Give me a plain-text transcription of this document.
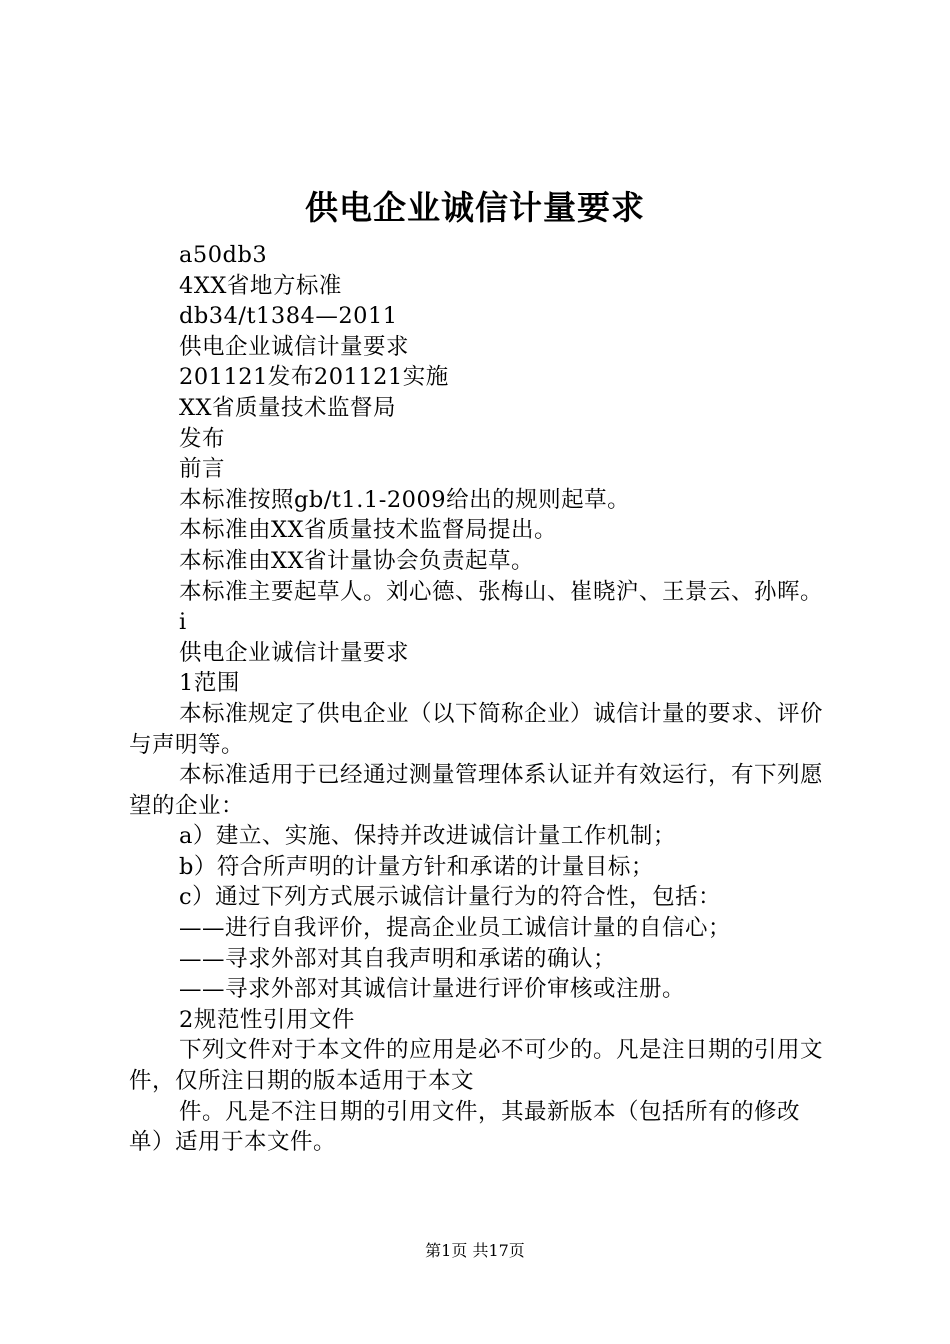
供电企业诚信计量要求

a50db3

4XX省地方标准

db34/t1384—2011

供电企业诚信计量要求

201121发布201121实施

XX省质量技术监督局

发布

前言

本标准按照gb/t1.1-2009给出的规则起草。

本标准由XX省质量技术监督局提出。

本标准由XX省计量协会负责起草。

本标准主要起草人。刘心德、张梅山、崔晓沪、王景云、孙晖。

i

供电企业诚信计量要求

1范围

本标准规定了供电企业（以下简称企业）诚信计量的要求、评价与声明等。

本标准适用于已经通过测量管理体系认证并有效运行，有下列愿望的企业：

a）建立、实施、保持并改进诚信计量工作机制；

b）符合所声明的计量方针和承诺的计量目标；

c）通过下列方式展示诚信计量行为的符合性，包括：

——进行自我评价，提高企业员工诚信计量的自信心；

——寻求外部对其自我声明和承诺的确认；

——寻求外部对其诚信计量进行评价审核或注册。

2规范性引用文件

下列文件对于本文件的应用是必不可少的。凡是注日期的引用文件，仅所注日期的版本适用于本文

件。凡是不注日期的引用文件，其最新版本（包括所有的修改单）适用于本文件。

第1页 共17页
